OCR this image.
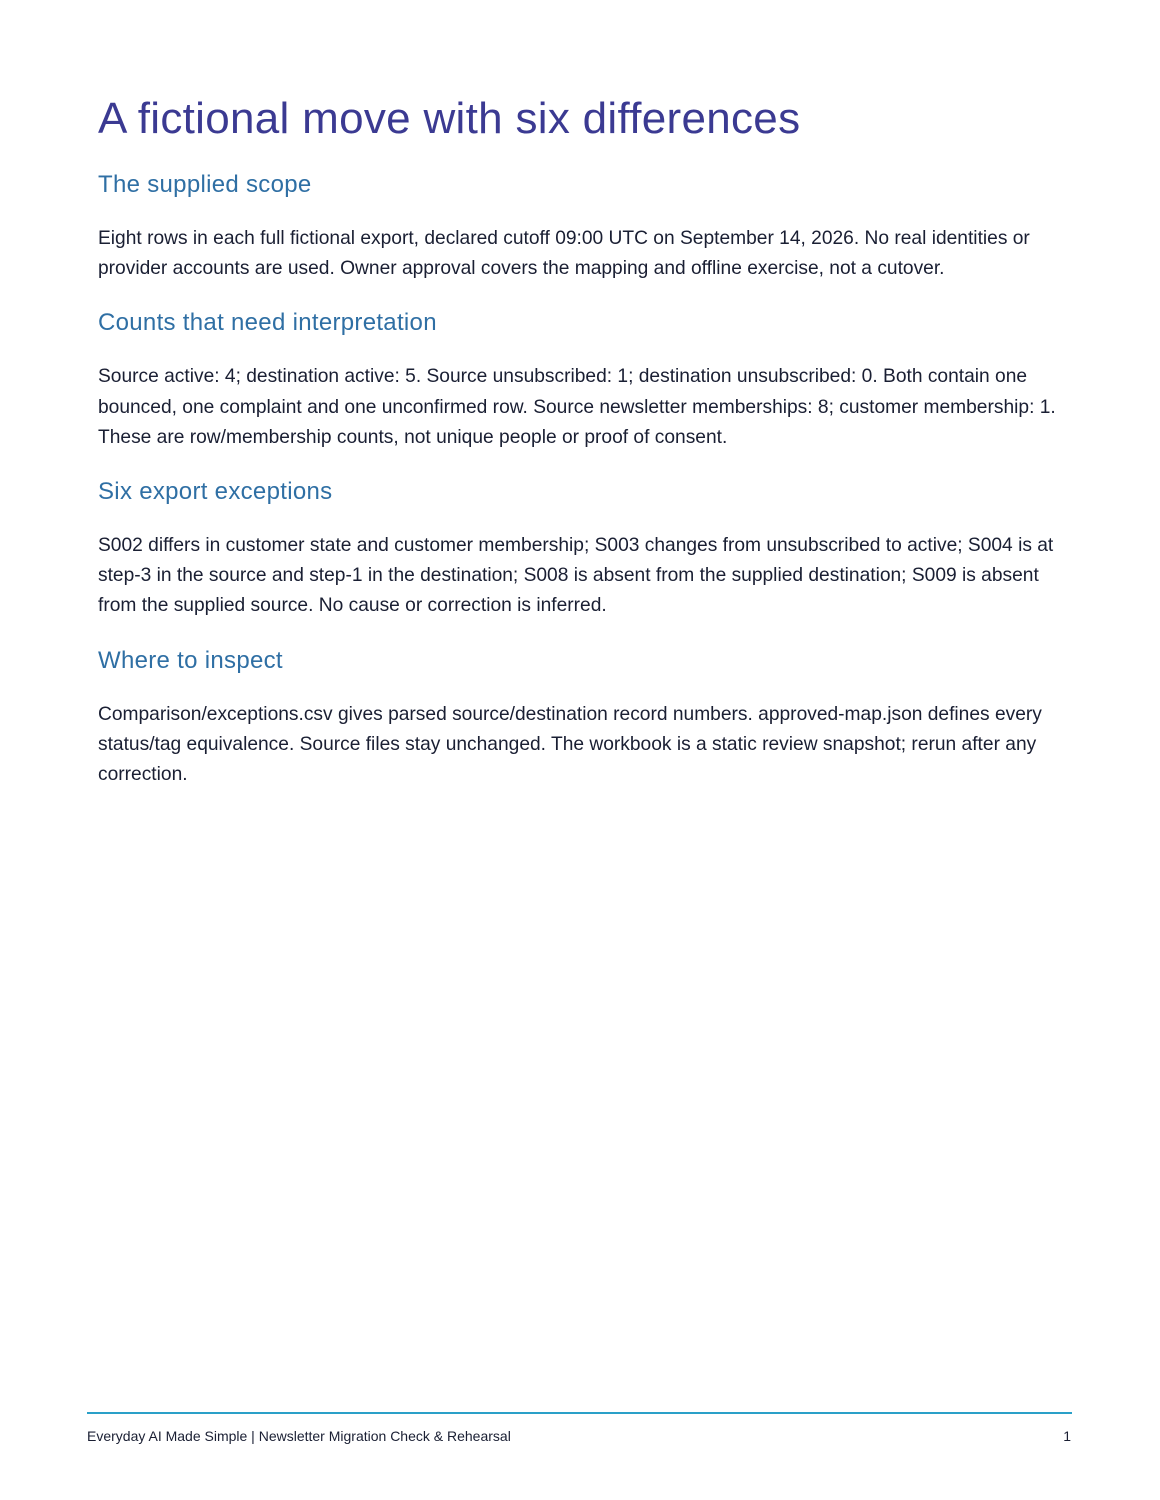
A fictional move with six differences
The supplied scope

Eight rows in each full fictional export, declared cutoff 09:00 UTC on September 14, 2026. No real identities or provider accounts are used. Owner approval covers the mapping and offline exercise, not a cutover.

Counts that need interpretation

Source active: 4; destination active: 5. Source unsubscribed: 1; destination unsubscribed: 0. Both contain one bounced, one complaint and one unconfirmed row. Source newsletter memberships: 8; customer membership: 1. These are row/membership counts, not unique people or proof of consent.

Six export exceptions

S002 differs in customer state and customer membership; S003 changes from unsubscribed to active; S004 is at step-3 in the source and step-1 in the destination; S008 is absent from the supplied destination; S009 is absent from the supplied source. No cause or correction is inferred.

Where to inspect

Comparison/exceptions.csv gives parsed source/destination record numbers. approved-map.json defines every status/tag equivalence. Source files stay unchanged. The workbook is a static review snapshot; rerun after any correction.

Everyday AI Made Simple | Newsletter Migration Check & Rehearsal	1
